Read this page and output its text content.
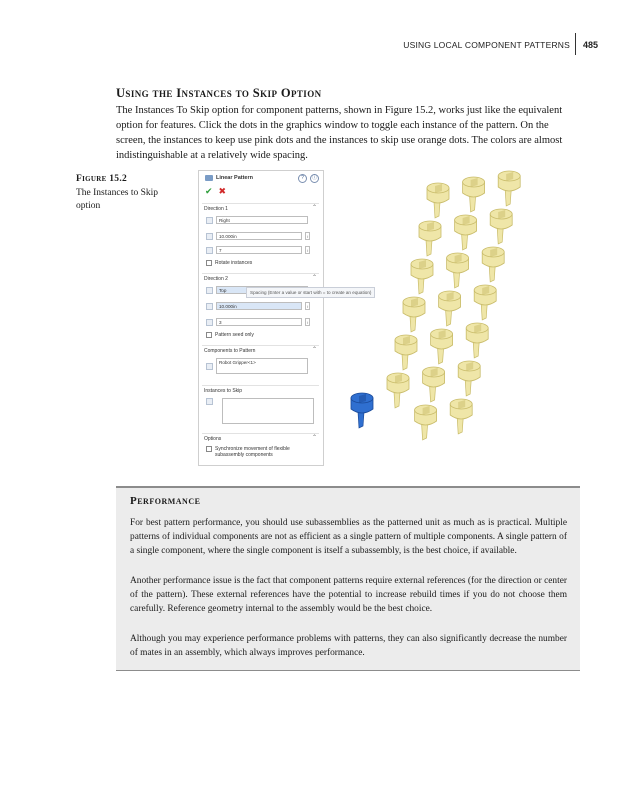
USING LOCAL COMPONENT PATTERNS 485
Using the Instances to Skip Option

The Instances To Skip option for component patterns, shown in Figure 15.2, works just like the equivalent option for features. Click the dots in the graphics window to toggle each instance of the pattern. On the screen, the instances to keep use pink dots and the instances to skip use orange dots. The colors are almost indistinguishable at a relatively wide spacing.

Figure 15.2
The Instances to Skip option
Linear Pattern	?	ⓘ
✔ ✖
Direction 1	⌃
Right
10.000in	↕
7	↕
Rotate instances
Direction 2	⌃
Top
10.000in	↕
3	↕
Pattern seed only
Components to Pattern	⌃
Robot Gripper<1>
Instances to Skip
Options	⌃
Synchronize movement of flexible
subassembly components
Spacing (Enter a value or start with = to create an equation)
Performance

For best pattern performance, you should use subassemblies as the patterned unit as much as is practical. Multiple patterns of individual components are not as efficient as a single pattern of multiple components. A single pattern of a single component, where the single component is itself a subassembly, is the best choice, if available.

Another performance issue is the fact that component patterns require external references (for the direction or center of the pattern). These external references have the potential to increase rebuild times if you do not choose them carefully. Reference geometry internal to the assembly would be the best choice.

Although you may experience performance problems with patterns, they can also significantly decrease the number of mates in an assembly, which always improves performance.
